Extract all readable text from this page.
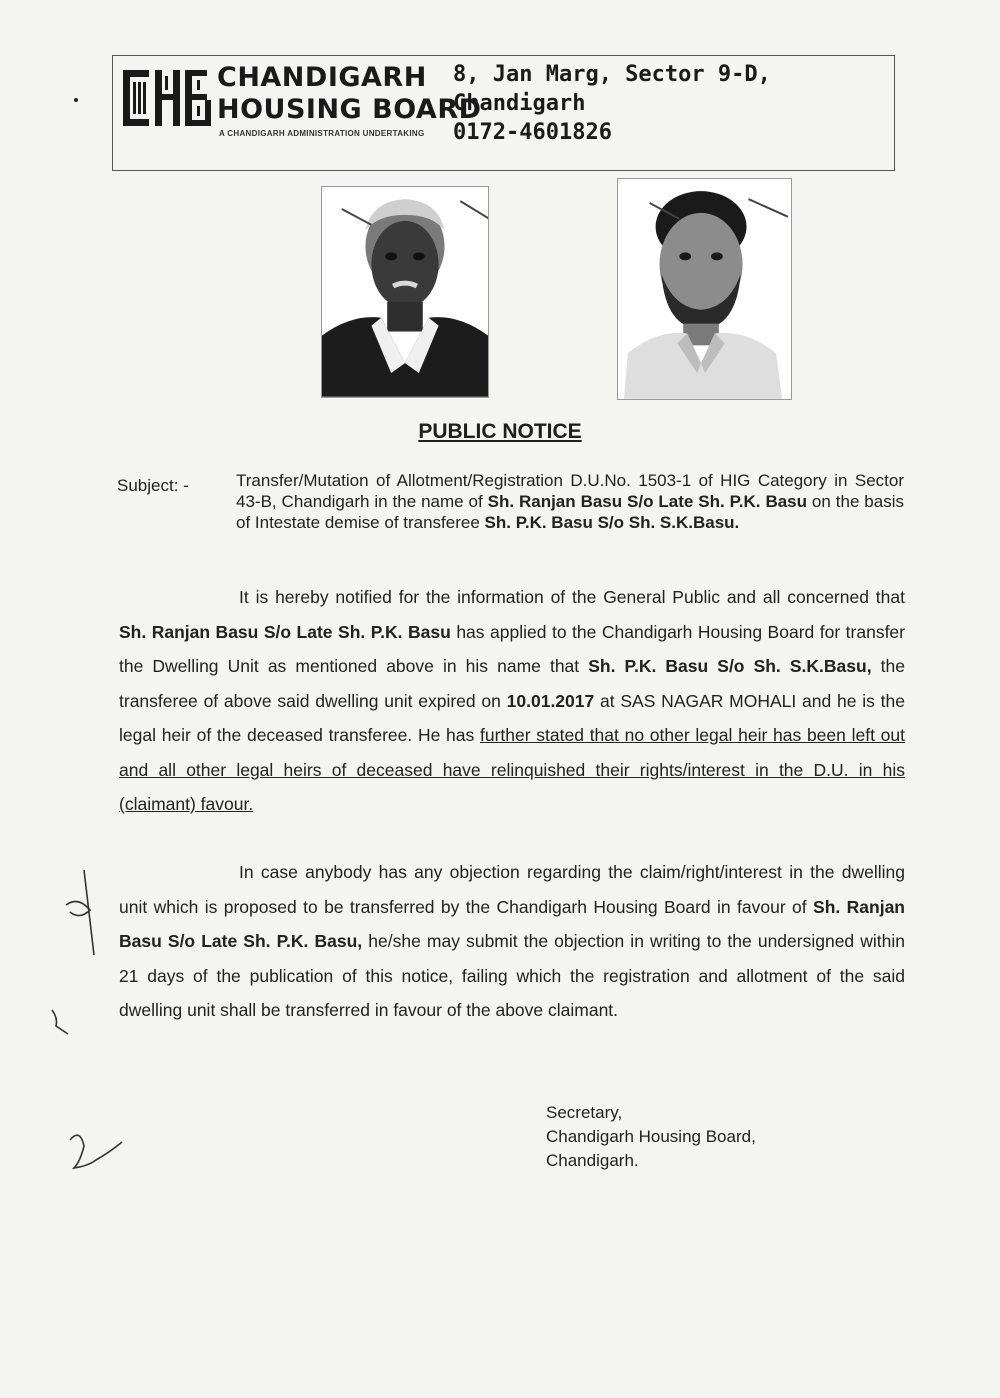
CHANDIGARH
HOUSING BOARD
A CHANDIGARH ADMINISTRATION UNDERTAKING
8, Jan Marg, Sector 9-D,
Chandigarh
0172-4601826
PUBLIC NOTICE
Subject: -	Transfer/Mutation of Allotment/Registration D.U.No. 1503-1 of HIG Category in Sector 43-B, Chandigarh in the name of Sh. Ranjan Basu S/o Late Sh. P.K. Basu on the basis of Intestate demise of transferee Sh. P.K. Basu S/o Sh. S.K.Basu.
It is hereby notified for the information of the General Public and all concerned that Sh. Ranjan Basu S/o Late Sh. P.K. Basu has applied to the Chandigarh Housing Board for transfer the Dwelling Unit as mentioned above in his name that Sh. P.K. Basu S/o Sh. S.K.Basu, the transferee of above said dwelling unit expired on 10.01.2017 at SAS NAGAR MOHALI and he is the legal heir of the deceased transferee. He has further stated that no other legal heir has been left out and all other legal heirs of deceased have relinquished their rights/interest in the D.U. in his (claimant) favour.
In case anybody has any objection regarding the claim/right/interest in the dwelling unit which is proposed to be transferred by the Chandigarh Housing Board in favour of Sh. Ranjan Basu S/o Late Sh. P.K. Basu, he/she may submit the objection in writing to the undersigned within 21 days of the publication of this notice, failing which the registration and allotment of the said dwelling unit shall be transferred in favour of the above claimant.
Secretary,
Chandigarh Housing Board,
Chandigarh.
